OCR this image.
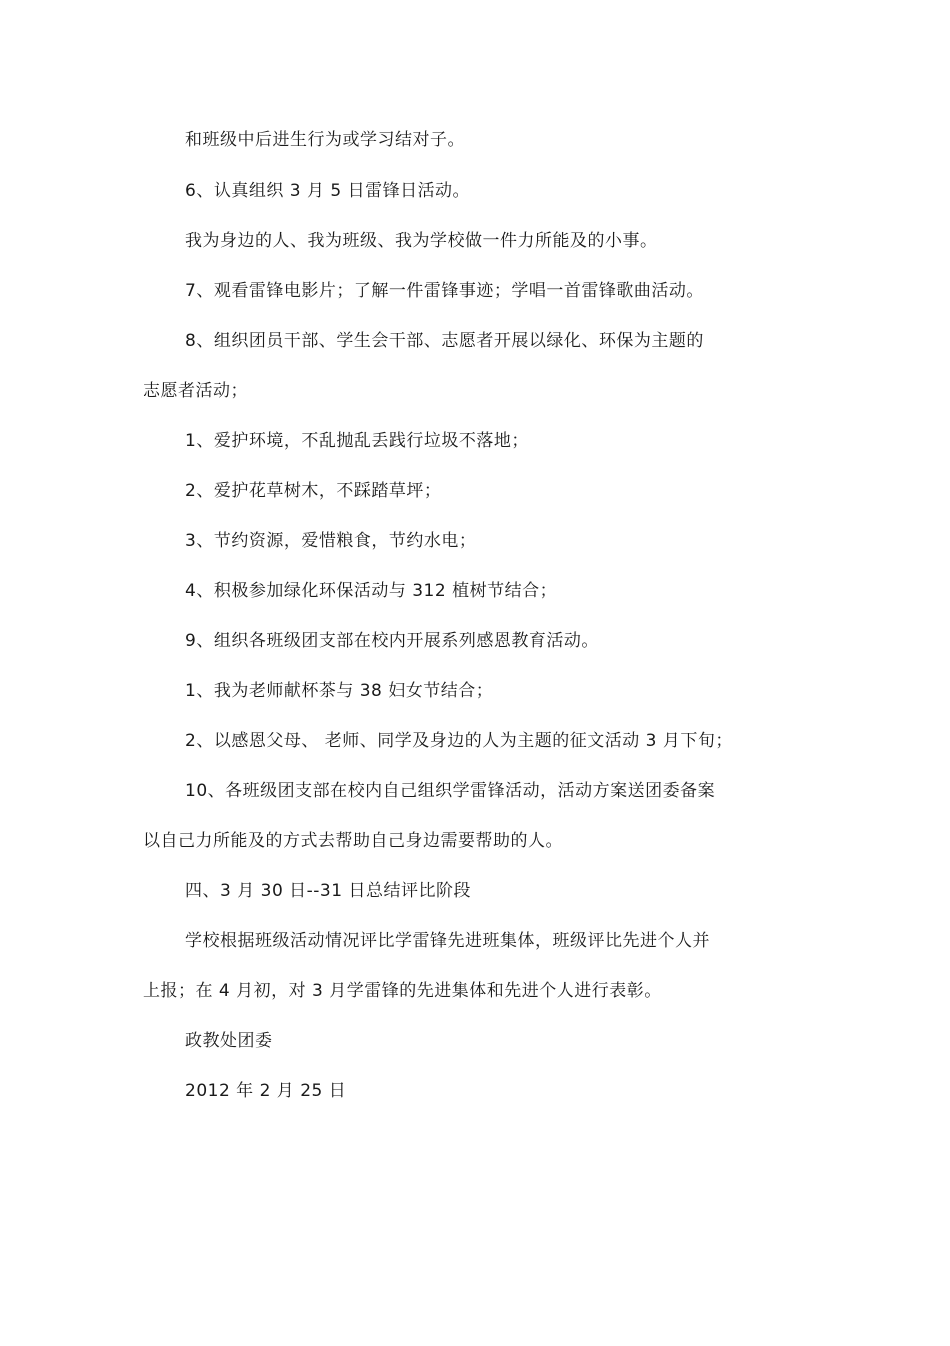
和班级中后进生行为或学习结对子。
6、认真组织 3 月 5 日雷锋日活动。
我为身边的人、我为班级、我为学校做一件力所能及的小事。
7、观看雷锋电影片；了解一件雷锋事迹；学唱一首雷锋歌曲活动。
8、组织团员干部、学生会干部、志愿者开展以绿化、环保为主题的
志愿者活动；
1、爱护环境，不乱抛乱丢践行垃圾不落地；
2、爱护花草树木，不踩踏草坪；
3、节约资源，爱惜粮食，节约水电；
4、积极参加绿化环保活动与 312 植树节结合；
9、组织各班级团支部在校内开展系列感恩教育活动。
1、我为老师献杯茶与 38 妇女节结合；
2、以感恩父母、 老师、同学及身边的人为主题的征文活动 3 月下旬；
10、各班级团支部在校内自己组织学雷锋活动，活动方案送团委备案
以自己力所能及的方式去帮助自己身边需要帮助的人。
四、3 月 30 日--31 日总结评比阶段
学校根据班级活动情况评比学雷锋先进班集体，班级评比先进个人并
上报；在 4 月初，对 3 月学雷锋的先进集体和先进个人进行表彰。
政教处团委
2012 年 2 月 25 日
